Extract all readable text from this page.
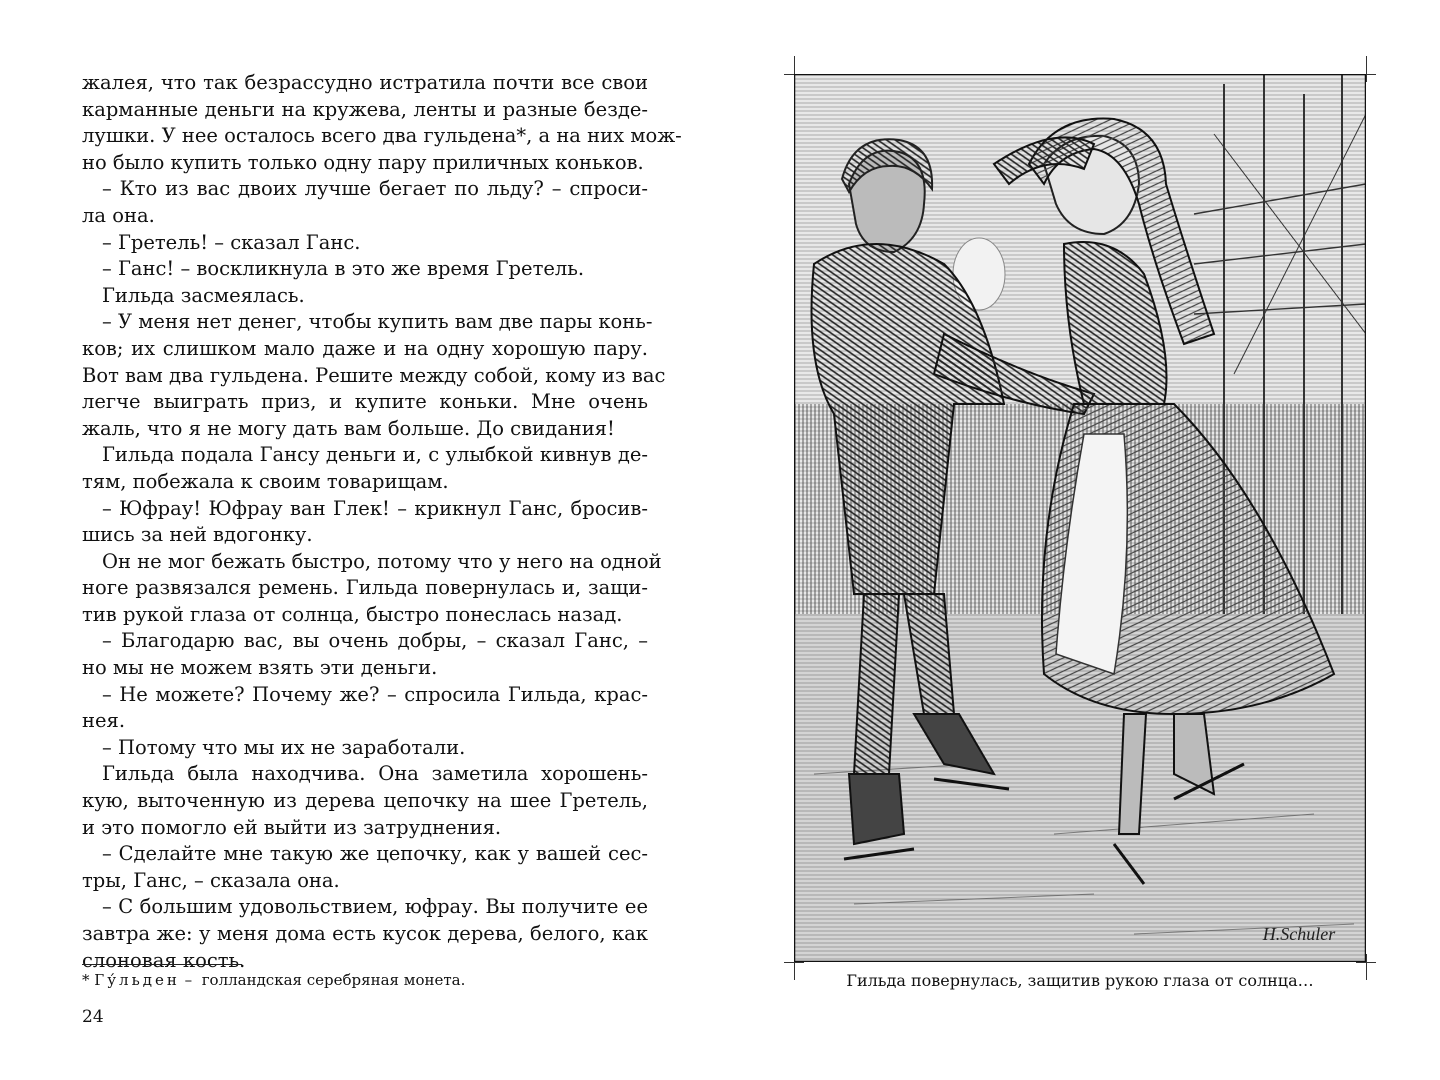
жалея, что так безрассудно истратила почти все свои
карманные деньги на кружева, ленты и разные безде-
лушки. У нее осталось всего два гульдена*, а на них мож-
но было купить только одну пару приличных коньков.
– Кто из вас двоих лучше бегает по льду? – спроси-
ла она.
– Гретель! – сказал Ганс.
– Ганс! – воскликнула в это же время Гретель.
Гильда засмеялась.
– У меня нет денег, чтобы купить вам две пары конь-
ков; их слишком мало даже и на одну хорошую пару.
Вот вам два гульдена. Решите между собой, кому из вас
легче выиграть приз, и купите коньки. Мне очень
жаль, что я не могу дать вам больше. До свидания!
Гильда подала Гансу деньги и, с улыбкой кивнув де-
тям, побежала к своим товарищам.
– Юфрау! Юфрау ван Глек! – крикнул Ганс, бросив-
шись за ней вдогонку.
Он не мог бежать быстро, потому что у него на одной
ноге развязался ремень. Гильда повернулась и, защи-
тив рукой глаза от солнца, быстро понеслась назад.
– Благодарю вас, вы очень добры, – сказал Ганс, –
но мы не можем взять эти деньги.
– Не можете? Почему же? – спросила Гильда, крас-
нея.
– Потому что мы их не заработали.
Гильда была находчива. Она заметила хорошень-
кую, выточенную из дерева цепочку на шее Гретель,
и это помогло ей выйти из затруднения.
– Сделайте мне такую же цепочку, как у вашей сес-
тры, Ганс, – сказала она.
– С большим удовольствием, юфрау. Вы получите ее
завтра же: у меня дома есть кусок дерева, белого, как
слоновая кость.
* Гу́льден – голландская серебряная монета.
24
H.Schuler
Гильда повернулась, защитив рукою глаза от солнца…
